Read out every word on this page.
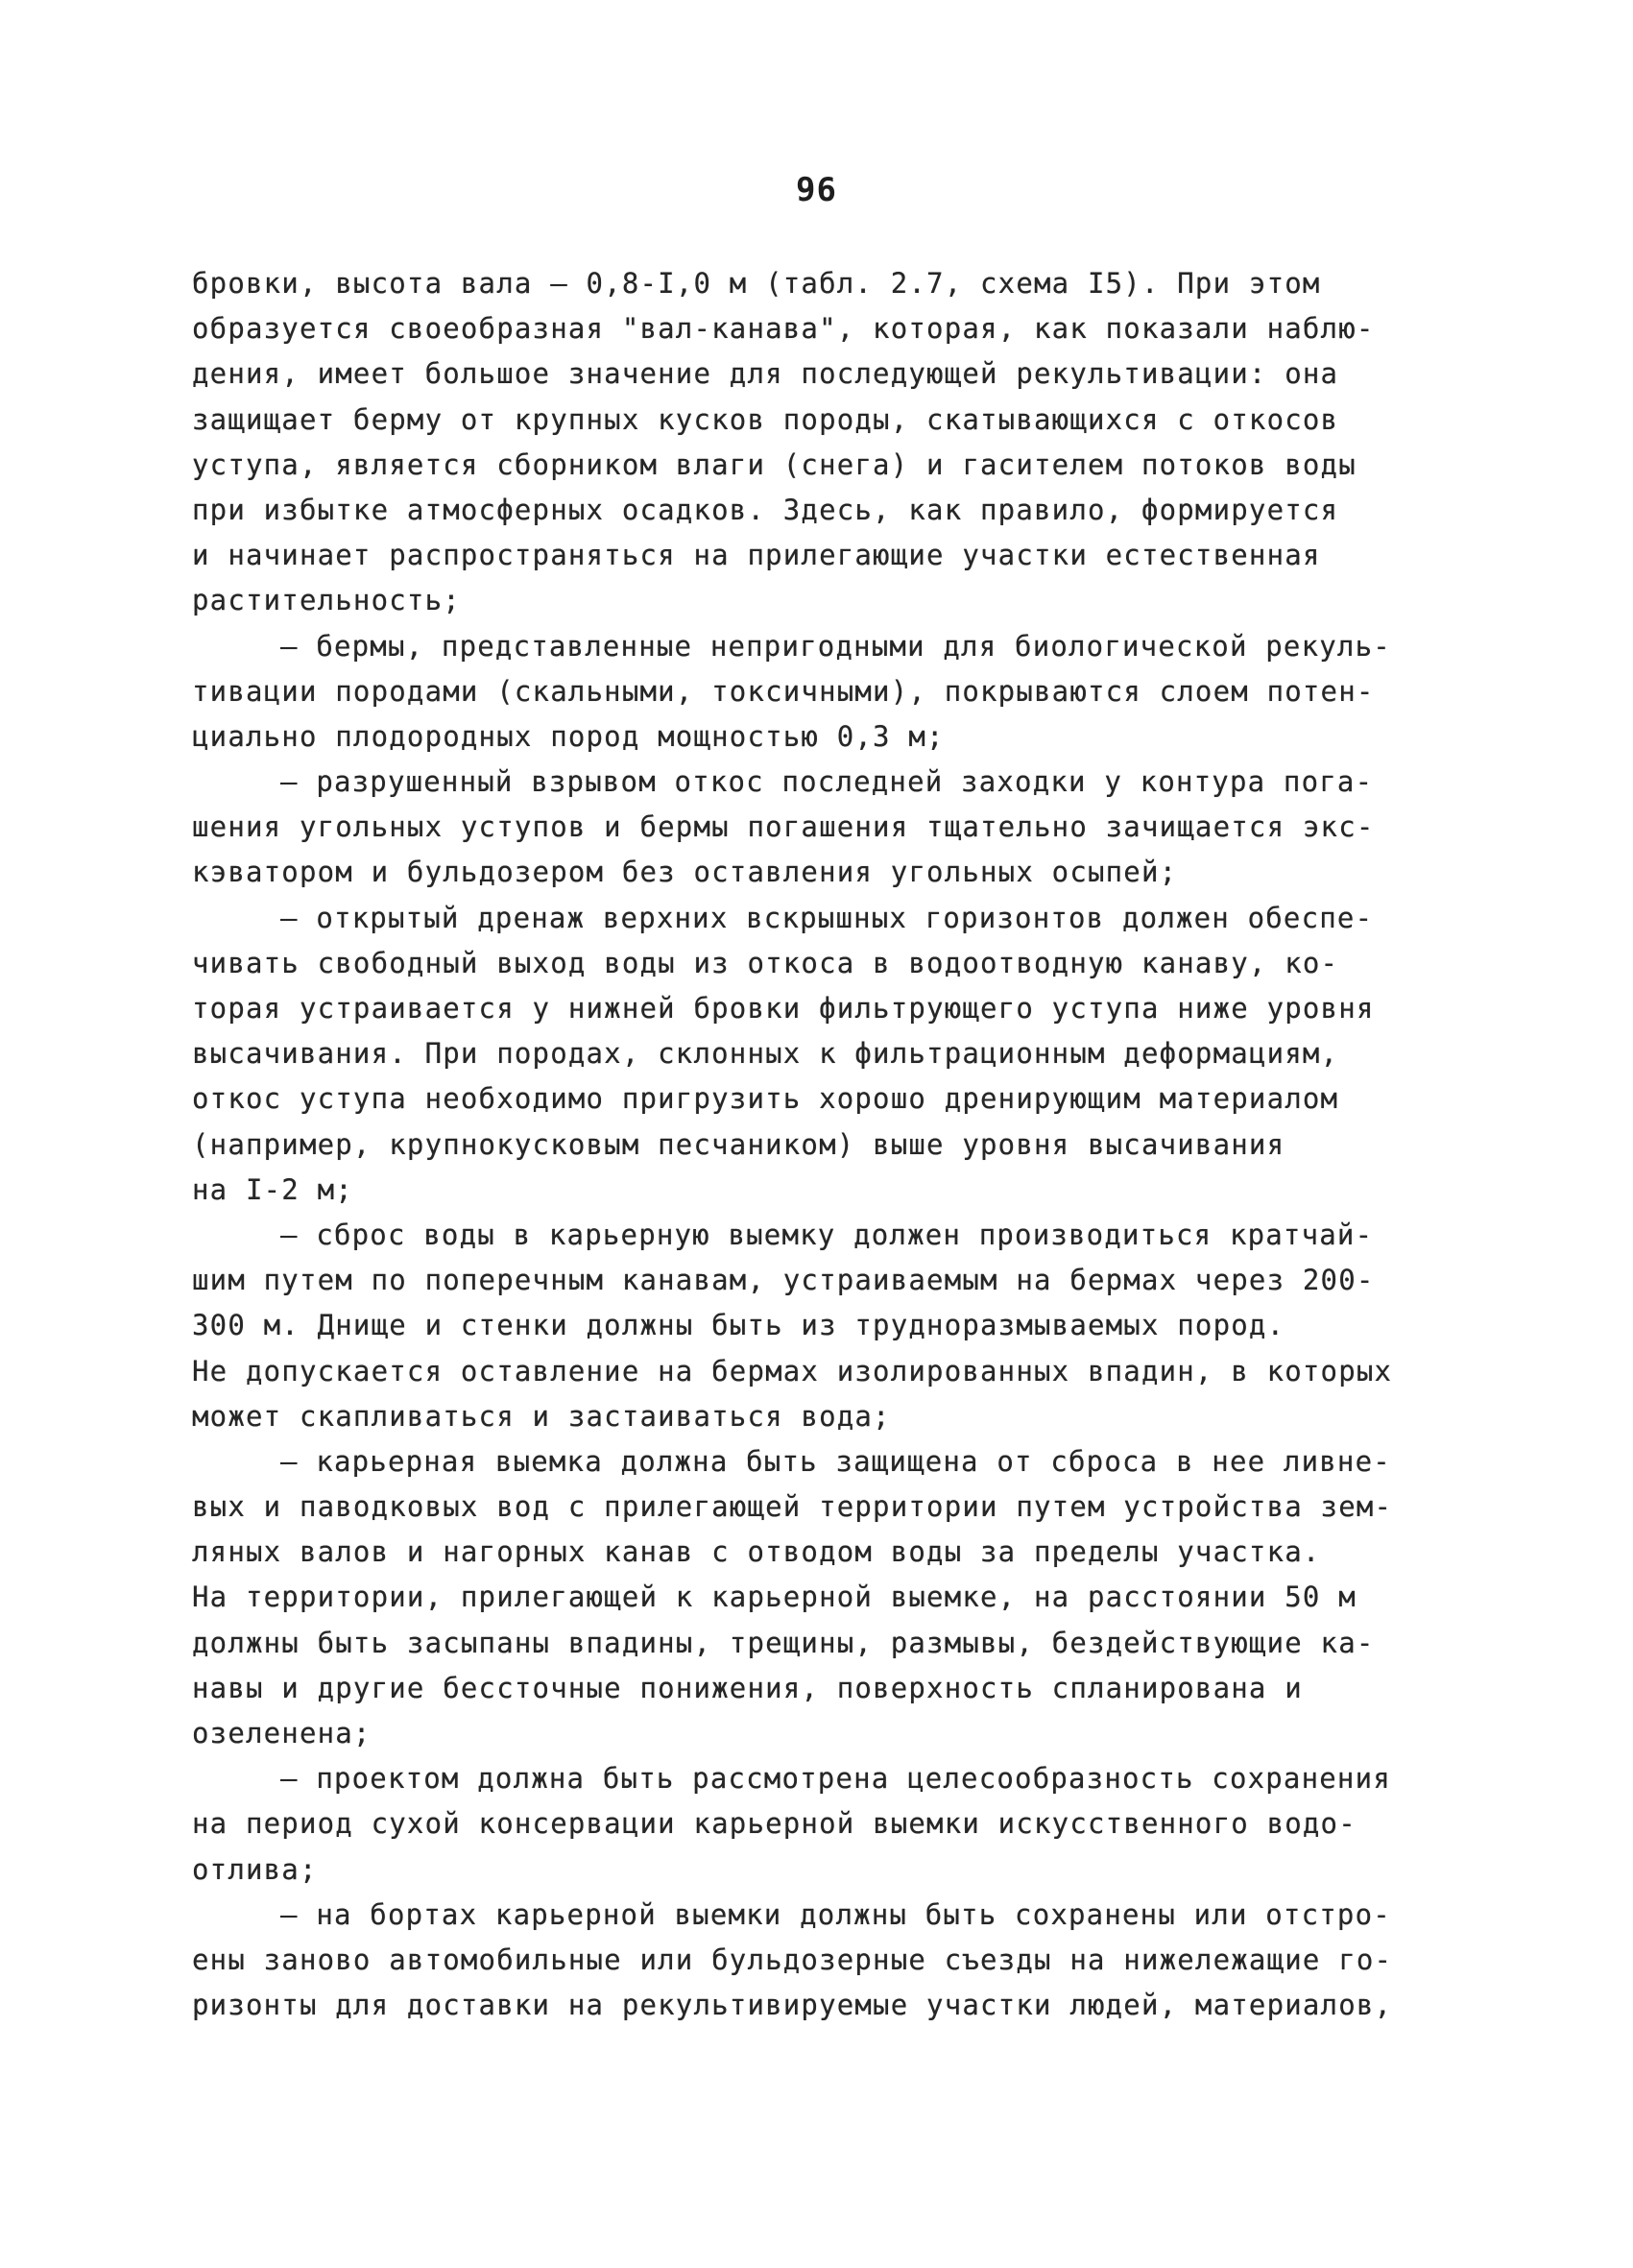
96
бровки, высота вала – 0,8-I,0 м (табл. 2.7, схема I5). При этом
образуется своеобразная "вал-канава", которая, как показали наблю-
дения, имеет большое значение для последующей рекультивации: она
защищает берму от крупных кусков породы, скатывающихся с откосов
уступа, является сборником влаги (снега) и гасителем потоков воды
при избытке атмосферных осадков. Здесь, как правило, формируется
и начинает распространяться на прилегающие участки естественная
растительность;
– бермы, представленные непригодными для биологической рекуль-
тивации породами (скальными, токсичными), покрываются слоем потен-
циально плодородных пород мощностью 0,3 м;
– разрушенный взрывом откос последней заходки у контура пога-
шения угольных уступов и бермы погашения тщательно зачищается экс-
кэватором и бульдозером без оставления угольных осыпей;
– открытый дренаж верхних вскрышных горизонтов должен обеспе-
чивать свободный выход воды из откоса в водоотводную канаву, ко-
торая устраивается у нижней бровки фильтрующего уступа ниже уровня
высачивания. При породах, склонных к фильтрационным деформациям,
откос уступа необходимо пригрузить хорошо дренирующим материалом
(например, крупнокусковым песчаником) выше уровня высачивания
на I-2 м;
– сброс воды в карьерную выемку должен производиться кратчай-
шим путем по поперечным канавам, устраиваемым на бермах через 200-
300 м. Днище и стенки должны быть из трудноразмываемых пород.
Не допускается оставление на бермах изолированных впадин, в которых
может скапливаться и застаиваться вода;
– карьерная выемка должна быть защищена от сброса в нее ливне-
вых и паводковых вод с прилегающей территории путем устройства зем-
ляных валов и нагорных канав с отводом воды за пределы участка.
На территории, прилегающей к карьерной выемке, на расстоянии 50 м
должны быть засыпаны впадины, трещины, размывы, бездействующие ка-
навы и другие бессточные понижения, поверхность спланирована и
озеленена;
– проектом должна быть рассмотрена целесообразность сохранения
на период сухой консервации карьерной выемки искусственного водо-
отлива;
– на бортах карьерной выемки должны быть сохранены или отстро-
ены заново автомобильные или бульдозерные съезды на нижележащие го-
ризонты для доставки на рекультивируемые участки людей, материалов,
